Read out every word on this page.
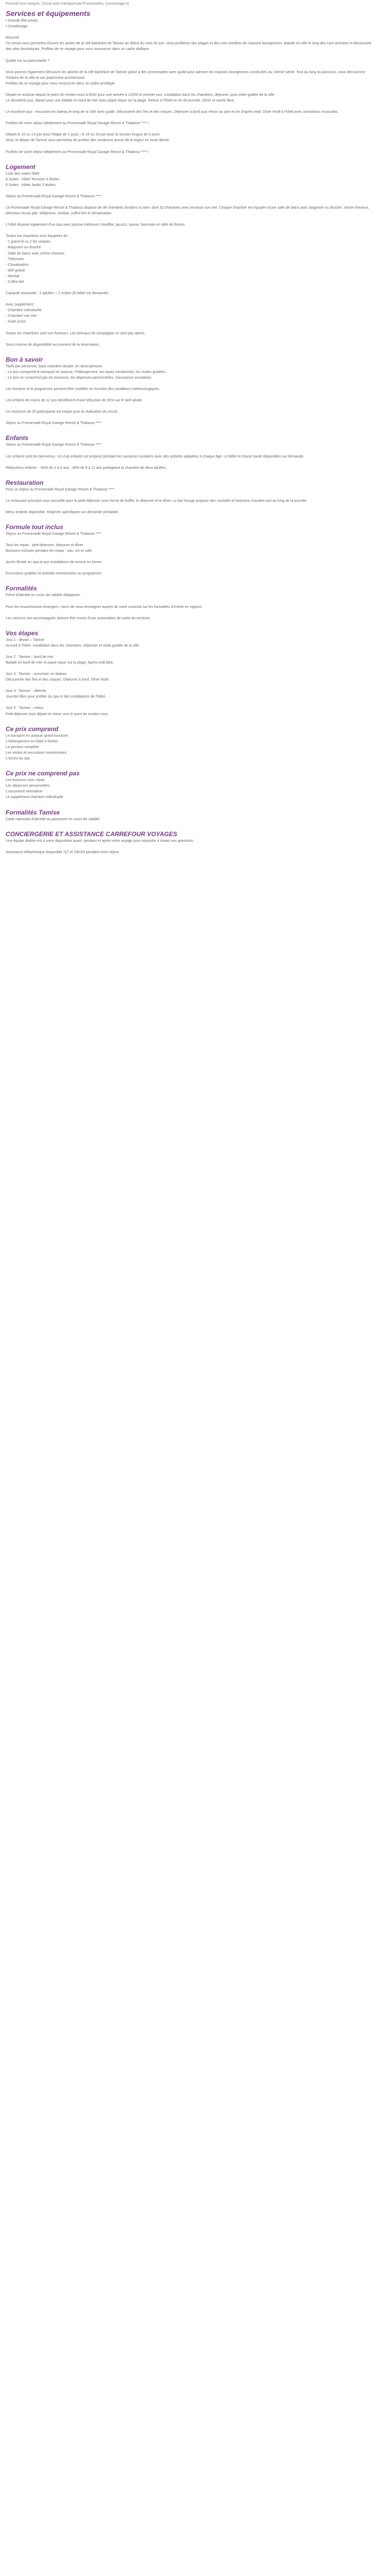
Formule tout compris, Circuit avec transport par Promenades, Covoiturage et

Services et équipements

• Grande fête privée

• Covoiturage

Résumé

Ce circuit vous permettra d'ouvrir les portes de la cité balnéaire de Tamise au début du mois de juin. Vous profiterez des plages et des rues bordées de maisons bourgeoises. Balade en ville le long des rues animées et découverte des sites touristiques. Profitez de ce voyage pour vous ressourcer dans un cadre idyllique.

Quelle est sa particularité ?

Vous pourrez également découvrir les abords de la cité balnéaire de Tamise grâce à des promenades avec guide pour admirer les maisons bourgeoises construites au 19ème siècle. Tout au long du parcours, vous découvrirez l'histoire de la ville et son patrimoine architectural.

Profitez de ce voyage pour vous ressourcer dans un cadre privilégié.

Départ en autocar depuis le point de rendez-vous à 8h00 pour une arrivée à 12h00 le premier jour. Installation dans les chambres, déjeuner, puis visite guidée de la ville.

Le deuxième jour, départ pour une balade en bord de mer avec pique-nique sur la plage. Retour à l'hôtel en fin de journée. Dîner et soirée libre.

Le troisième jour : excursion en bateau le long de la côte avec guide. Découverte des îles et des criques. Déjeuner à bord puis retour au port en fin d'après-midi. Dîner festif à l'hôtel avec animations musicales.

Profitez de votre séjour idéalement au Promenade Royal Garage Resort & Thalasso **** !

Départ le 10 ou 14 juin pour l'étape de 2 jours ; le 16 ou 18 juin pour la version longue de 5 jours.

Ainsi, le départ de Tamise vous permettra de profiter des nombreux atouts de la région en toute liberté.

Profitez de votre séjour idéalement au Promenade Royal Garage Resort & Thalasso **** !

Logement

Liste des suites hôtel

8 Suites : Hôtel Terrasse 4 étoiles

6 Suites : Hôtel Jardin 3 étoiles

Séjour au Promenade Royal Garage Resort & Thalasso ****

Le Promenade Royal Garage Resort & Thalasso dispose de 98 chambres doubles ou twin, dont 32 chambres avec terrasse vue mer. Chaque chambre est équipée d'une salle de bains avec baignoire ou douche, sèche-cheveux, télévision écran plat, téléphone, minibar, coffre-fort et climatisation.

L'hôtel dispose également d'un spa avec piscine intérieure chauffée, jacuzzi, sauna, hammam et salle de fitness.

Toutes les chambres sont équipées de :

- 1 grand lit ou 2 lits simples

- Baignoire ou douche

- Salle de bains avec sèche-cheveux

- Télévision

- Climatisation

- Wifi gratuit

- Minibar

- Coffre-fort

Capacité maximale : 2 adultes + 1 enfant (lit bébé sur demande)

Avec supplément :

- Chambre individuelle

- Chambre vue mer

- Suite junior

Toutes les chambres sont non-fumeurs. Les animaux de compagnie ne sont pas admis.

Sous réserve de disponibilité au moment de la réservation.

Bon à savoir

Tarifs par personne, base chambre double, en demi-pension.

- Le prix comprend le transport en autocar, l'hébergement, les repas mentionnés, les visites guidées.

- Le prix ne comprend pas les boissons, les dépenses personnelles, l'assurance annulation.

Les horaires et le programme peuvent être modifiés en fonction des conditions météorologiques.

Les enfants de moins de 12 ans bénéficient d'une réduction de 30% sur le tarif adulte.

Un minimum de 20 participants est requis pour la réalisation du circuit.

Séjour au Promenade Royal Garage Resort & Thalasso ****

Enfants

Séjour au Promenade Royal Garage Resort & Thalasso ****

Les enfants sont les bienvenus. Un club enfants est proposé pendant les vacances scolaires avec des activités adaptées à chaque âge. Lit bébé et chaise haute disponibles sur demande.

Réductions enfants : -50% de 2 à 5 ans, -30% de 6 à 11 ans partageant la chambre de deux adultes.

Restauration

Pour ce séjour au Promenade Royal Garage Resort & Thalasso **** :

Le restaurant principal vous accueille pour le petit-déjeuner sous forme de buffet, le déjeuner et le dîner. Le bar lounge propose des cocktails et boissons chaudes tout au long de la journée.

Menu enfants disponible. Régimes spécifiques sur demande préalable.

Formule tout inclus

Séjour au Promenade Royal Garage Resort & Thalasso ****

Tous les repas : petit-déjeuner, déjeuner et dîner.

Boissons incluses pendant les repas : eau, vin et café.

Accès illimité au spa et aux installations de remise en forme.

Excursions guidées et activités mentionnées au programme.

Formalités

Pièce d'identité en cours de validité obligatoire.

Pour les ressortissants étrangers, merci de vous renseigner auprès de votre consulat sur les formalités d'entrée en vigueur.

Les mineurs non accompagnés doivent être munis d'une autorisation de sortie du territoire.

Vos étapes

Jour 1 : départ – Tamise

Accueil à l'hôtel. Installation dans les chambres. Déjeuner et visite guidée de la ville.

Jour 2 : Tamise – bord de mer

Balade en bord de mer et pique-nique sur la plage. Après-midi libre.

Jour 3 : Tamise – excursion en bateau

Découverte des îles et des criques. Déjeuner à bord. Dîner festif.

Jour 4 : Tamise – détente

Journée libre pour profiter du spa et des installations de l'hôtel.

Jour 5 : Tamise – retour

Petit-déjeuner puis départ et retour vers le point de rendez-vous.

Ce prix comprend

Le transport en autocar grand tourisme

L'hébergement en hôtel 4 étoiles

La pension complète

Les visites et excursions mentionnées

L'accès au spa

Ce prix ne comprend pas

Les boissons hors repas

Les dépenses personnelles

L'assurance annulation

Le supplément chambre individuelle

Formalités Tamise

Carte nationale d'identité ou passeport en cours de validité.

CONCIERGERIE ET ASSISTANCE CARREFOUR VOYAGES

Une équipe dédiée est à votre disposition avant, pendant et après votre voyage pour répondre à toutes vos questions.

Assistance téléphonique disponible 7j/7 et 24h/24 pendant votre séjour.
